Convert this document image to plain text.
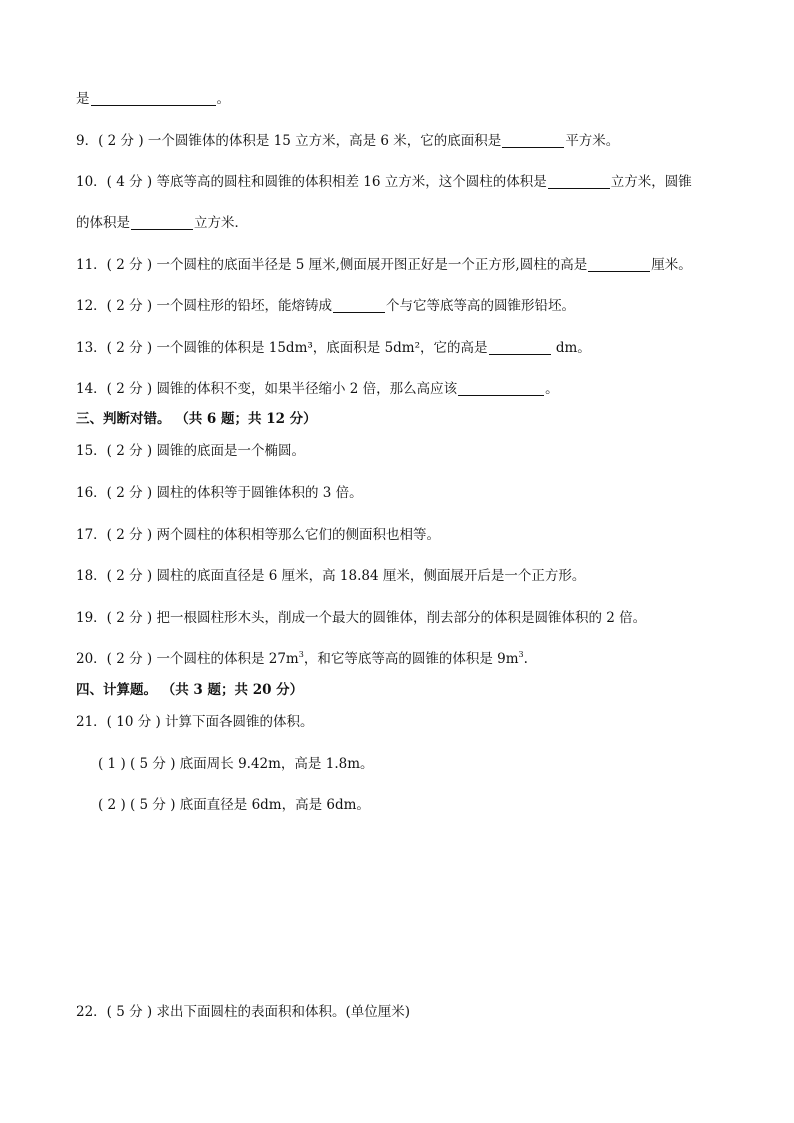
是	。
9．( 2 分 ) 一个圆锥体的体积是 15 立方米，高是 6 米，它的底面积是	平方米。
10．( 4 分 ) 等底等高的圆柱和圆锥的体积相差 16 立方米，这个圆柱的体积是	立方米，圆锥
的体积是	立方米．
11．( 2 分 ) 一个圆柱的底面半径是 5 厘米,侧面展开图正好是一个正方形,圆柱的高是	厘米。
12．( 2 分 ) 一个圆柱形的铅坯，能熔铸成	个与它等底等高的圆锥形铅坯。
13．( 2 分 ) 一个圆锥的体积是 15dm³，底面积是 5dm²，它的高是	dm。
14．( 2 分 ) 圆锥的体积不变，如果半径缩小 2 倍，那么高应该	。
三、判断对错。 （共 6 题；共 12 分）
15．( 2 分 ) 圆锥的底面是一个椭圆。
16．( 2 分 ) 圆柱的体积等于圆锥体积的 3 倍。
17．( 2 分 ) 两个圆柱的体积相等那么它们的侧面积也相等。
18．( 2 分 ) 圆柱的底面直径是 6 厘米，高 18.84 厘米，侧面展开后是一个正方形。
19．( 2 分 ) 把一根圆柱形木头，削成一个最大的圆锥体，削去部分的体积是圆锥体积的 2 倍。
20．( 2 分 ) 一个圆柱的体积是 $27m^3$，和它等底等高的圆锥的体积是 $9m^3$.
四、计算题。 （共 3 题；共 20 分）
21．( 10 分 ) 计算下面各圆锥的体积。
( 1 ) ( 5 分 ) 底面周长 9.42m，高是 1.8m。
( 2 ) ( 5 分 ) 底面直径是 6dm，高是 6dm。
22．( 5 分 ) 求出下面圆柱的表面积和体积。(单位厘米)
